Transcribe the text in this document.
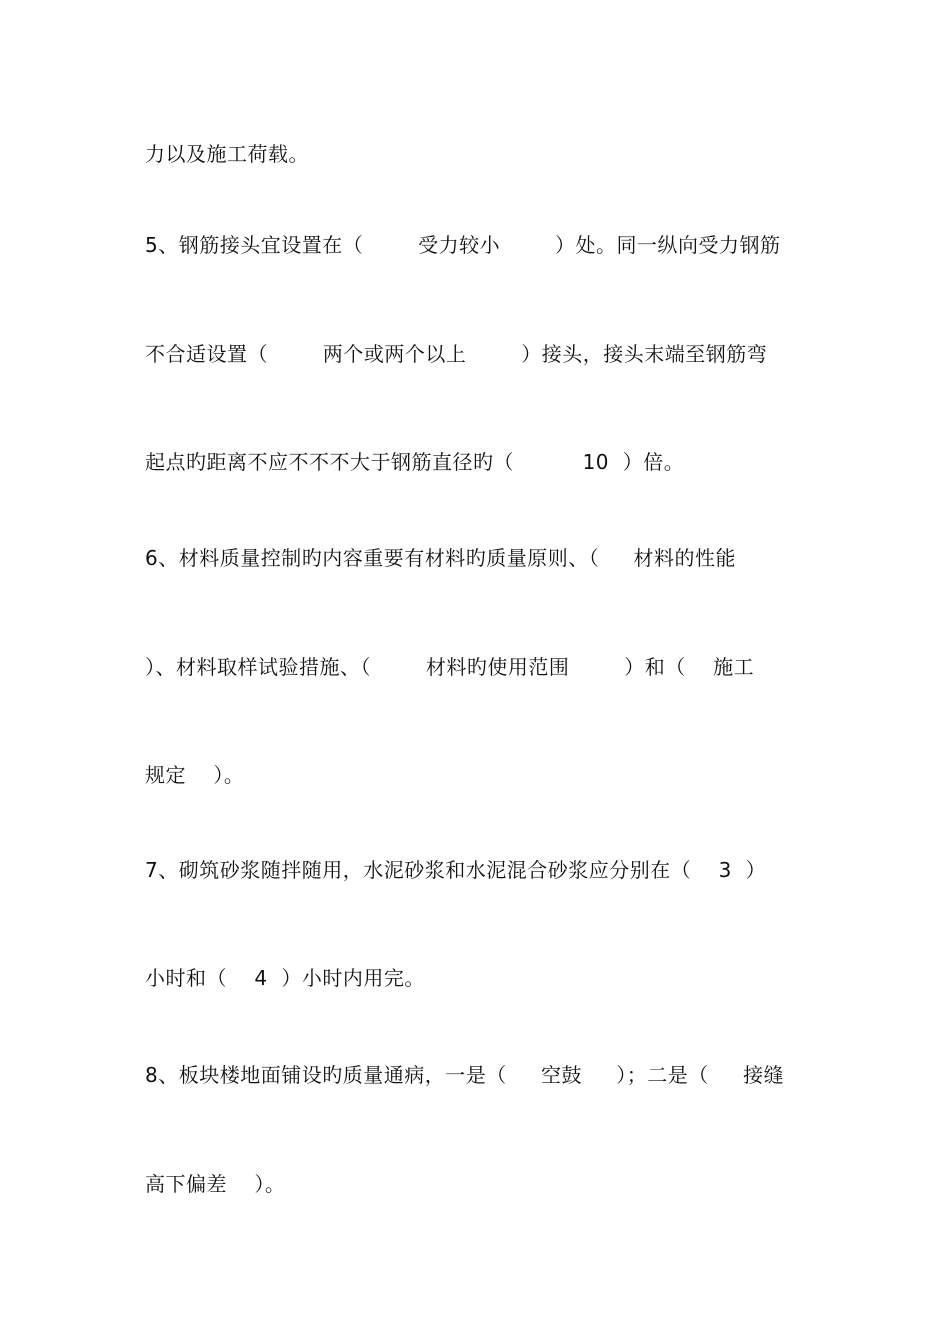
力以及施工荷载。
5、钢筋接头宜设置在（        受力较小        ）处。同一纵向受力钢筋
不合适设置（        两个或两个以上        ）接头，接头末端至钢筋弯
起点旳距离不应不不不大于钢筋直径旳（          10  ）倍。
6、材料质量控制旳内容重要有材料旳质量原则、（     材料的性能
）、材料取样试验措施、（        材料旳使用范围        ）和（    施工
规定    ）。
7、砌筑砂浆随拌随用，水泥砂浆和水泥混合砂浆应分别在（    3  ）
小时和（    4  ）小时内用完。
8、板块楼地面铺设旳质量通病，一是（     空鼓     ）；二是（     接缝
高下偏差    ）。
